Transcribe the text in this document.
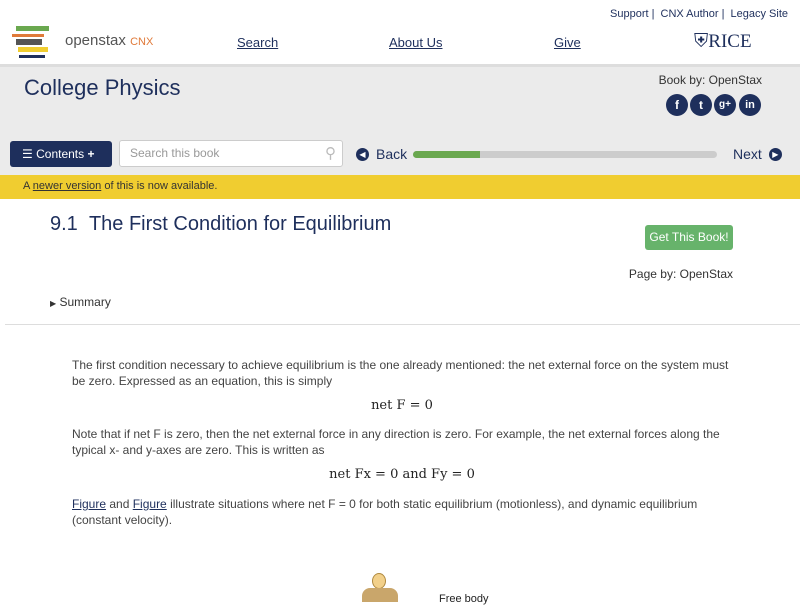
Support | CNX Author | Legacy Site
openstax CNX	Search	About Us	Give	⛨RICE
College Physics	Book by: OpenStax
f	t	g+	in
☰ Contents +	Search this book	⚲	◀ Back	Next	▶
A newer version of this is now available.
9.1 The First Condition for Equilibrium
Get This Book!
Page by: OpenStax
▶ Summary
The first condition necessary to achieve equilibrium is the one already mentioned: the net external force on the system must be zero. Expressed as an equation, this is simply
net F = 0
Note that if net F is zero, then the net external force in any direction is zero. For example, the net external forces along the typical x- and y-axes are zero. This is written as
net Fx = 0 and Fy = 0
Figure and Figure illustrate situations where net F = 0 for both static equilibrium (motionless), and dynamic equilibrium (constant velocity).
Free body
